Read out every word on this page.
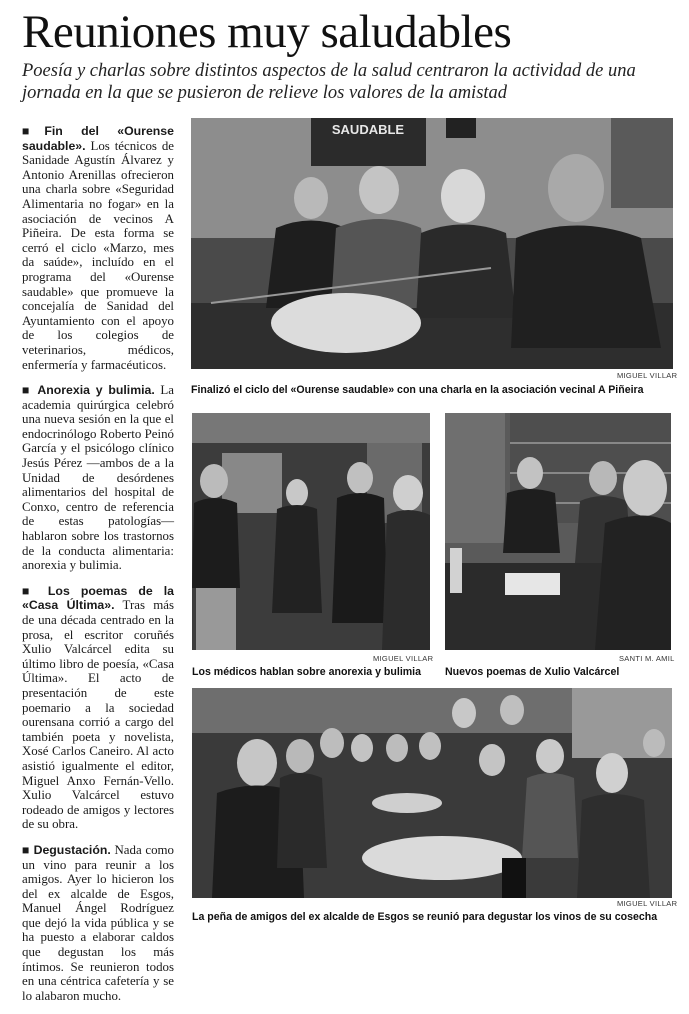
Reuniones muy saludables

Poesía y charlas sobre distintos aspectos de la salud centraron la actividad de una jornada en la que se pusieron de relieve los valores de la amistad

■Fin del «Ourense saudable». Los técnicos de Sanidade Agustín Álvarez y Antonio Arenillas ofrecieron una charla sobre «Seguridad Alimentaria no fogar» en la asociación de vecinos A Piñeira. De esta forma se cerró el ciclo «Marzo, mes da saúde», incluído en el programa del «Ourense saudable» que promueve la concejalía de Sanidad del Ayuntamiento con el apoyo de los colegios de veterinarios, médicos, enfermería y farmacéuticos.

■ Anorexia y bulimia. La academia quirúrgica celebró una nueva sesión en la que el endocrinólogo Roberto Peinó García y el psicólogo clínico Jesús Pérez —ambos de a la Unidad de desórdenes alimentarios del hospital de Conxo, centro de referencia de estas patologías— hablaron sobre los trastornos de la conducta alimentaria: anorexia y bulimia.

■ Los poemas de la «Casa Última». Tras más de una década centrado en la prosa, el escritor coruñés Xulio Valcárcel edita su último libro de poesía, «Casa Última». El acto de presentación de este poemario a la sociedad ourensana corrió a cargo del también poeta y novelista, Xosé Carlos Caneiro. Al acto asistió igualmente el editor, Miguel Anxo Fernán-Vello. Xulio Valcárcel estuvo rodeado de amigos y lectores de su obra.

■ Degustación. Nada como un vino para reunir a los amigos. Ayer lo hicieron los del ex alcalde de Esgos, Manuel Ángel Rodríguez que dejó la vida pública y se ha puesto a elaborar caldos que degustan los más íntimos. Se reunieron todos en una céntrica cafetería y se lo alabaron mucho.

SAUDABLE
MIGUEL VILLAR
Finalizó el ciclo del «Ourense saudable» con una charla en la asociación vecinal A Piñeira
MIGUEL VILLAR
Los médicos hablan sobre anorexia y bulimia
SANTI M. AMIL
Nuevos poemas de Xulio Valcárcel
MIGUEL VILLAR
La peña de amigos del ex alcalde de Esgos se reunió para degustar los vinos de su cosecha
